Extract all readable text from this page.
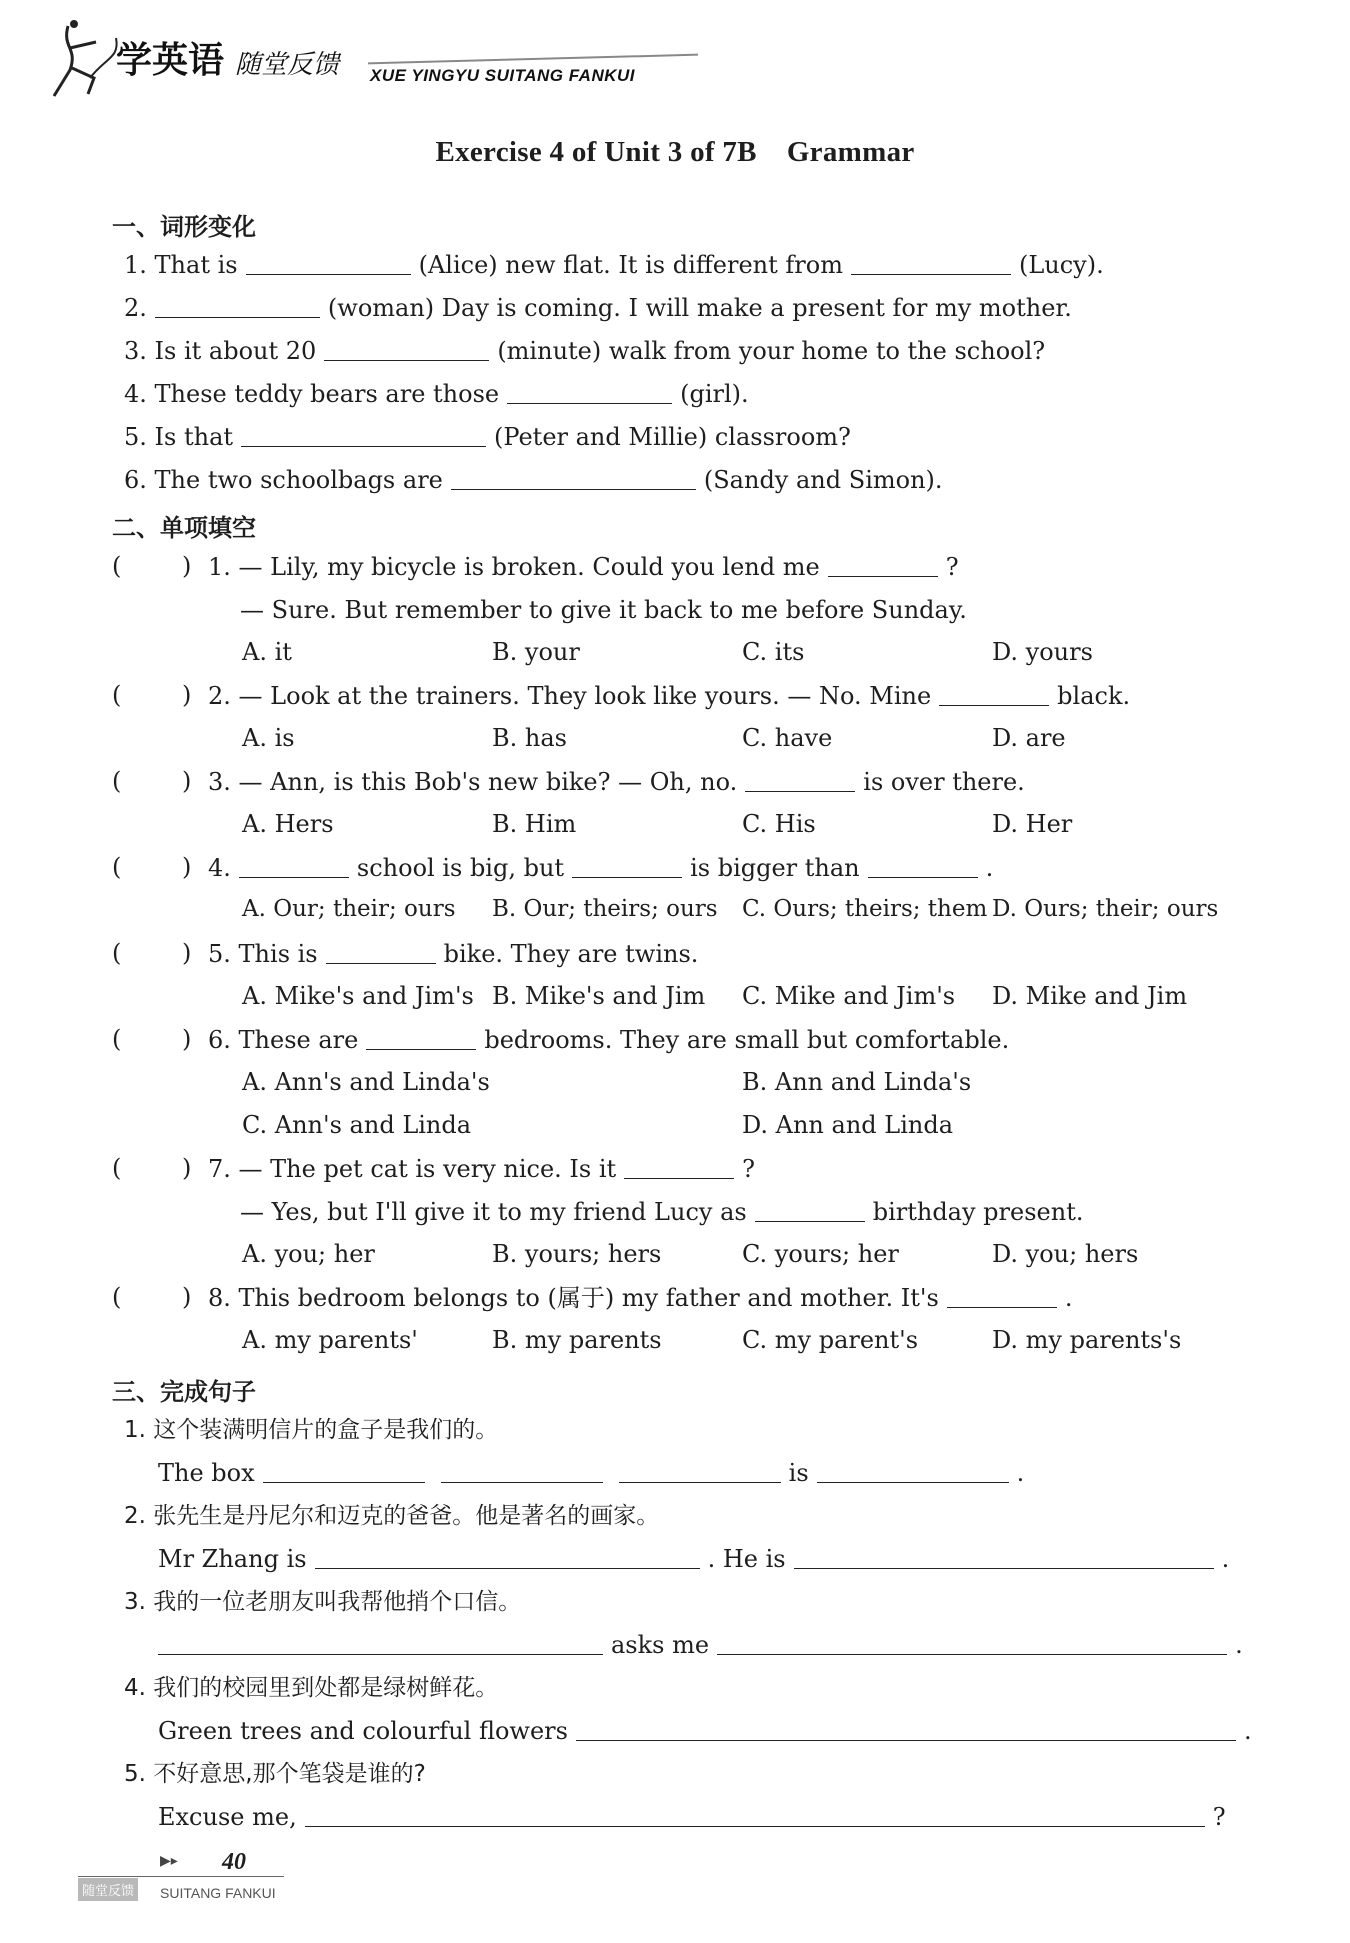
学英语 随堂反馈 XUE YINGYU SUITANG FANKUI
Exercise 4 of Unit 3 of 7B Grammar
一、词形变化
1. That is	(Alice) new flat. It is different from	(Lucy).
2.	(woman) Day is coming. I will make a present for my mother.
3. Is it about 20	(minute) walk from your home to the school?
4. These teddy bears are those	(girl).
5. Is that	(Peter and Millie) classroom?
6. The two schoolbags are	(Sandy and Simon).
二、单项填空
(	) 1. — Lily, my bicycle is broken. Could you lend me	?
— Sure. But remember to give it back to me before Sunday.
A. it	B. your	C. its	D. yours
(	) 2. — Look at the trainers. They look like yours. — No. Mine	black.
A. is	B. has	C. have	D. are
(	) 3. — Ann, is this Bob's new bike? — Oh, no.	is over there.
A. Hers	B. Him	C. His	D. Her
(	) 4.	school is big, but	is bigger than	.
A. Our; their; ours B. Our; theirs; ours C. Ours; theirs; them D. Ours; their; ours
(	) 5. This is	bike. They are twins.
A. Mike's and Jim's B. Mike's and Jim C. Mike and Jim's D. Mike and Jim
(	) 6. These are	bedrooms. They are small but comfortable.
A. Ann's and Linda's	B. Ann and Linda's
C. Ann's and Linda	D. Ann and Linda
(	) 7. — The pet cat is very nice. Is it	?
— Yes, but I'll give it to my friend Lucy as	birthday present.
A. you; her	B. yours; hers	C. yours; her	D. you; hers
(	) 8. This bedroom belongs to (属于) my father and mother. It's	.
A. my parents'	B. my parents	C. my parent's	D. my parents's
三、完成句子
1. 这个装满明信片的盒子是我们的。
The box	is	.
2. 张先生是丹尼尔和迈克的爸爸。他是著名的画家。
Mr Zhang is	. He is	.
3. 我的一位老朋友叫我帮他捎个口信。
asks me	.
4. 我们的校园里到处都是绿树鲜花。
Green trees and colourful flowers	.
5. 不好意思,那个笔袋是谁的?
Excuse me,	?
▶▸ 40
随堂反馈 SUITANG FANKUI
